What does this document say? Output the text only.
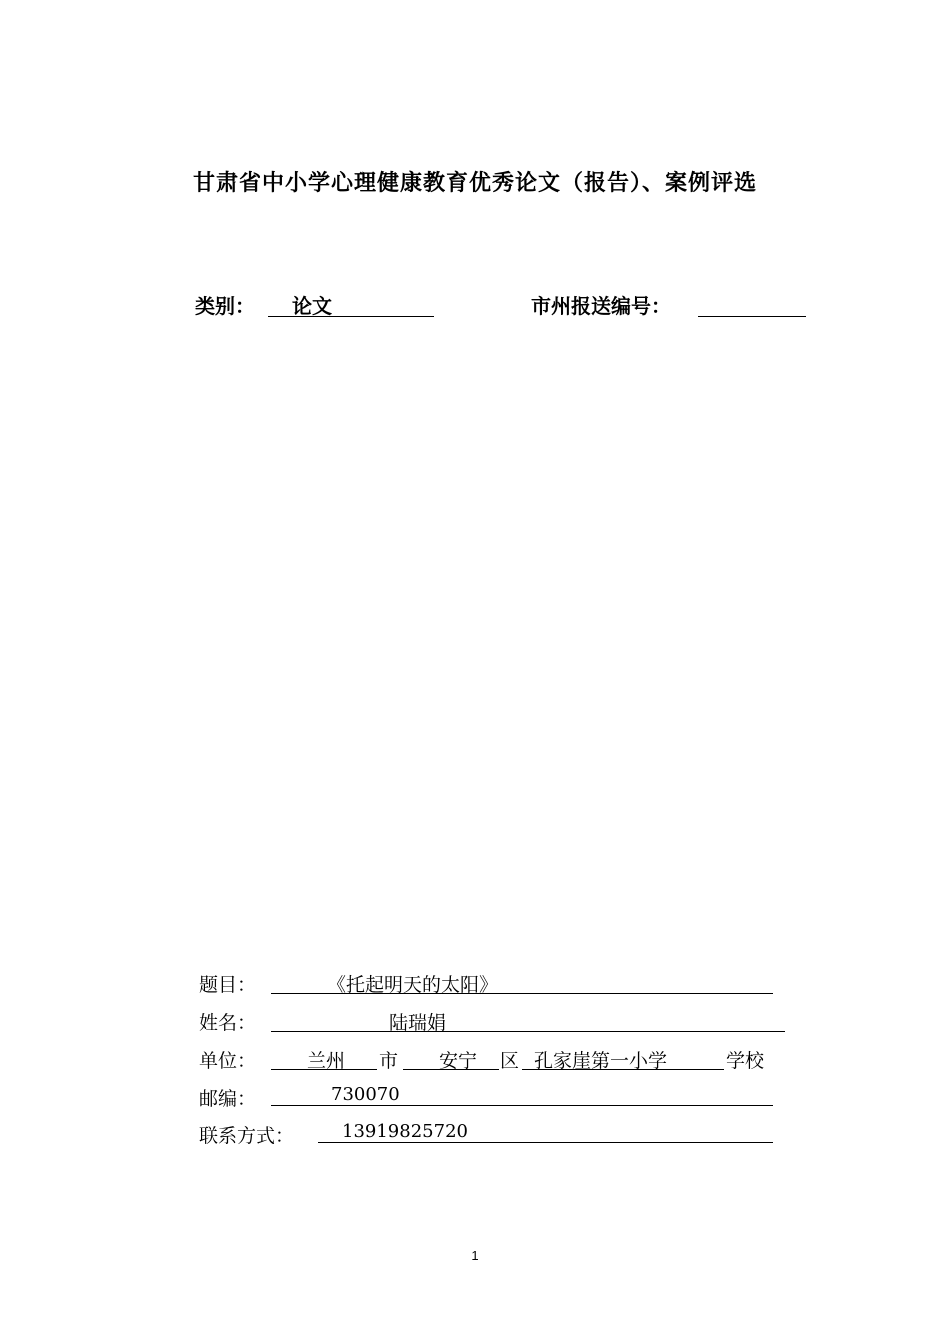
甘肃省中小学心理健康教育优秀论文（报告）、案例评选
类别： 论文	市州报送编号：
题目：	《托起明天的太阳》
姓名：	陆瑞娟
单位：	兰州 市 安宁 区 孔家崖第一小学	学校
邮编：	730070
联系方式：	13919825720
1
